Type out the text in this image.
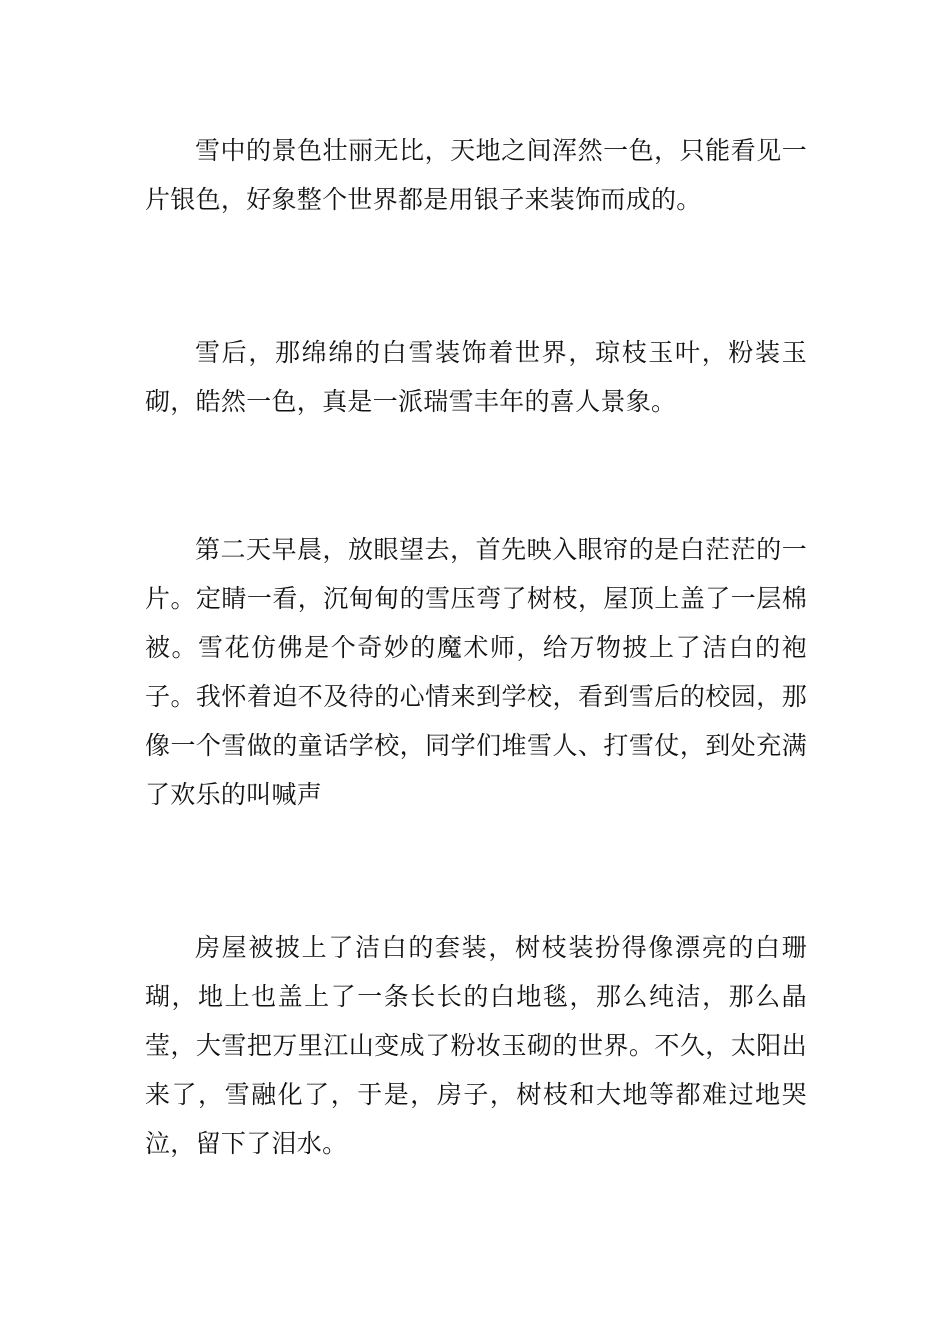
雪中的景色壮丽无比，天地之间浑然一色，只能看见一片银色，好象整个世界都是用银子来装饰而成的。

雪后，那绵绵的白雪装饰着世界，琼枝玉叶，粉装玉砌，皓然一色，真是一派瑞雪丰年的喜人景象。

第二天早晨，放眼望去，首先映入眼帘的是白茫茫的一片。定睛一看，沉甸甸的雪压弯了树枝，屋顶上盖了一层棉被。雪花仿佛是个奇妙的魔术师，给万物披上了洁白的袍子。我怀着迫不及待的心情来到学校，看到雪后的校园，那像一个雪做的童话学校，同学们堆雪人、打雪仗，到处充满了欢乐的叫喊声

房屋被披上了洁白的套装，树枝装扮得像漂亮的白珊瑚，地上也盖上了一条长长的白地毯，那么纯洁，那么晶莹，大雪把万里江山变成了粉妆玉砌的世界。不久，太阳出来了，雪融化了，于是，房子，树枝和大地等都难过地哭泣，留下了泪水。
